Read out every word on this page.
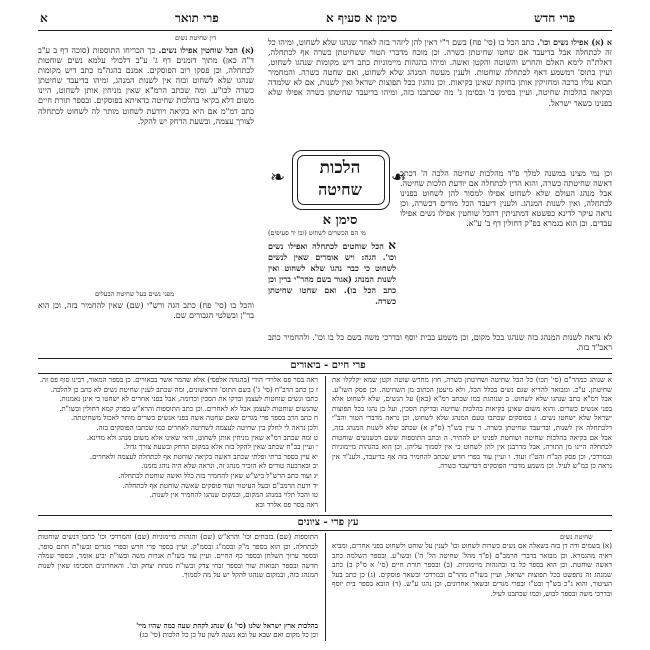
א	פרי תואר	סימן א סעיף א	פרי חדש
דין שחיטת נשים
(א) הכל שוחטין אפילו נשים. כך הכריחו התוספות (סוכה דף ב ע"ב ד"ה כאן) מתוך דזמנים דף ג' ע"ב דלכולי עלמא נשים שוחטות לכתחלה, וכן פסקו רוב הפוסקים. אמנם בהגה"מ כתב דיש מקומות שנהגו שלא לשחוט ובזה אין לשנות המנהג, ומיהו בדיעבד שחיטתן כשרה לכו"ע. ומה שכתב הרמ"א שאין מניחין אותן לשחוט, היינו משום דלא בקיאי בהלכות שחיטה כדאיתא בפוסקים. ובספר תורת חיים כתב דמ"מ אם היא בקיאה ויודעת לשחוט מותר לה לשחוט לכתחלה לצורך עצמה, ובשעת הדחק יש להקל.
מפני נשים בעל שחיטת הבעלים
והכל בו (סי' פח) כתב הגה ורש"י (שם) שאין להחמיר בזה, וכן הוא בר"ן ובשלטי הגבורים שם.
א (א) אפילו נשים וכו'. כתב הכל בו (סי' פח) בשם ר"י דאין להן ליזהר בזה לאחר שנהגו שלא לשחוט, ומיהו כל זה לכתחלה אבל בדיעבד אם שחטו שחיטתן כשרה. וכן מוכח מדברי הטור ששחיטתן כשרה אף לכתחלה, דאלת"ה לימא האלם והחרש והשוטה והקטן ואשה. ומיהו בהגהות מיימוניות כתב דיש מקומות שנהגו לשחוט, ועיין בתוס' דמשמע דאף לכתחלה שוחטות. ולענין מעשה המנהג שלא לשחוט, ואם שחטה כשרה. והמחמיר תבוא עליו ברכה ומחזיקין אותן בחזקת שאינן בקיאות. וכן נוהגין בכל תפוצות ישראל ואין לשנות, אם לא שלמדה ובקיאה בהלכות שחיטה, ועיין בסימן ב' ובסימן ג' מה שכתבנו בזה, ומיהו בדיעבד שחיטתן כשרה אפילו שלא בפנינו כשאר ישראל.
וכן נמי מצינו במשנה למלך פ"ד מהלכות שחיטה הלכה ה' דכתב דאשה שחיטתה כשרה, והוא הדין לכתחלה אם יודעת הלכות שחיטה. אבל מנהג העולם שלא לשחוט אפילו למסור להן לשחוט בפנינו לכתחלה, ואין לשנות המנהג. ולענין דיעבד הכל מודים דכשרה, וכן נראה עיקר לדינא כפשטא דמתניתין דהכל שוחטין אפילו נשים אפילו עבדים. וכן הוא בגמרא בפ"ק דחולין דף ב' ע"א.
❧	❧
הלכות
שחיטה
סימן א
מי הם הכשרים לשחוט (ובו יד סעיפים)
א הכל שוחטים לכתחלה ואפילו נשים וכו'. הגה: ויש אומרים שאין לנשים לשחוט כי כבר נהגו שלא לשחוט ואין לשנות המנהג (אגור בשם מהר"י ברין וכן כתב הכל בו). ואם שחטו שחיטתן כשרה.
לא נראה לשנות המנהג בזה שנהגו בכל מקום, וכן משמע בבית יוסף ובדרכי משה בשם כל בו וכו'. ולהחמיר כתב ראב"ד בזה.
פרי חיים - ביאורים
א שנוהג כמהר"ם (סי' תכו) כל הכל שחיטה ושחיטתן כשרה, חוץ מחרש שוטה וקטן שמא יקלקלו את שחיטתן. ע"כ. ומבואר להדיא שגם נשים בכלל הכל, ולא מיעטן הכתוב מן השחיטה. וכן פסק השו"ע. אבל רמ"א כתב שנהגו שלא לשחוט. ב שנוהגת כמו שכתב רמ"א (כאן) על הנשים, שלא לשחוט אלא בפני אנשים כשרים. והוא משום שאינן בקיאות בהלכות שחיטה ובדיקת הסכין, ועל כן נהגו בכל תפוצות ישראל שלא ישחטו נשים. ג בפוסקים שכתבו טעם המנהג שלא לשחוט, וכן נראה מדברי הטור והב"י דלכתחלה אין לשנות, ובדיעבד שחיטתן כשרה. ד עיין בש"ך (ס"ק א) שכתב שלא לשנות המנהג בזה, אבל אם בקיאה בהלכות שחיטה ושוחטת לפנינו יש להתיר. ה ובתב התוספות ששם דכשנשים שוחטות לכתחלה היינו מן התורה, אבל מדרבנן אין להן לשחוט כי אין לסמוך עליהן. וכן הוא בהגהות מיימוניות ובמרדכי, וכן פסק הב"ח והט"ז ועוד. ו ועיין עוד בפרי חדש שכתב להחמיר בזה אף בדיעבד, ולענ"ד אין נראה כן כמ"ש לעיל. וכן משמע מדברי הפוסקים דבדיעבד כשרה.
ראה בסר פס אלרדי הודי (בהגהה אלפסי) אלא שהמר אשר בבאורים. כן בספר המאור, רבינו סוף פס זה.
ז כן כתב הרב"ח (סי' ג') בשם התוס' והראשונים, ומה שכתב לענין שחיטת נשים לא כתב כן להלכה.
כתבו ונשים שוחטות לעצמן ובדקו את הסכין וכדומה, אבל בפני אחרים לא ישחטו כי אינן נאמנות.
שהנשים שוחטות לעצמן אבל לא לאחרים. וכן כתב התוספות והרא"ש בפרק קמא דחולין ובשו"ת.
ח כתב הרב בספר פרי מגדים שאם שחטה אשה בפני אנשים כשרים מותר לאכול משחיטתה.
ולכן נראה לי לחלק בין שחיטה לעצמה לשחיטה לאחרים כמו שכתבו הפוסקים בזה.
ט ומה שכתב רמ"א שאין מניחין אותן לשחוט, ודאי שאינו אלא משום מנהג ולא מדינא.
י ועיין בב"ח שכתב שאין להקל בזה אלא במקום הדחק ובשעת צורך גדול.
יא עיין בספר כרתי ופלתי שכתב דאשה בקיאה שוחטת אף לכתחלה לעצמה ולאחרים.
יב ובארבעה טורים לא הזכיר מנהג זה, ונראה שלא היה נוהג בזמנו.
יג ועוד כתב הרש"ל ביש"ש שאין להחמיר בזה כלל ואשה שוחטת לכתחלה.
יד ודעת הרמב"ם ובעל העיטור ועוד פוסקים שאשה שוחטת אף לכתחלה.
טו והכל תלוי במנהג המקום, ובמקום שנהגו להחמיר אין לשנות.
ראה בסר פס אלרד ובא
עץ פרי - ציונים
שחיטת נשים
(א) בשמים ודה דן בזה בשאלה אם נשים כשרות לשחוט וכו' לענין על שוחט ולשחוט בפני אחרים, ומביא ראיה מהגמרא. וכן מבואר בדברי הרמב"ם (פ"ד מהל' שחיטה הל' ה') ובשו"ע. ובספר השלמה כתב דאשה שוחטת. וכן הוא בספר כל בו ובהגהות מיימוניות. (ב) ובספר תורת חיים (סי' א ס"ק ב) כתב שמנהג זה נתפשט בכל תפוצות ישראל, ועיין בשו"ת מהר"ם ובמרדכי ובשאר פוסקים. (ג) כן כתב בעל העיטור, והוא ג"כ בש"ך ובט"ז ובפרי מגדים ובשאר אחרונים, וכן נהגו ע"ש. (ד) הובא בספר בית יוסף ובדרכי משה ובספר לבוש, וכמו שכתבנו לעיל.
התוספות (שם) בזבחים וכו' והרא"ש (שם) והגהות מיימוניות (שם) והמרדכי וכו' כתבו דנשים שוחטות לכתחלה. וכן הוא בספר מ"ק ובסמ"ג ובסמ"ק. ועיין בספר פרי חדש ובפרי מגדים ובשו"ת חתם סופר, ובספר ערוך השלחן ובספר כף החיים. ועיין עוד בשו"ת אגרות משה ובשו"ת יביע אומר, ובספר שמלה חדשה ובספר תבואות שור ובספר זבחי צדק ובשו"ת מנחת יצחק וכו'. והאחרונים הסכימו שאין לשנות המנהג בזה, ובמקום שנהגו להקל יש על מה לסמוך.
בהלכות ארץ ישראל שלנו (סי' ג) שנהג לקחת שעה כמה שהיו מיי'
וכן כל מקום ואם שבא על ובא נשנה לשון על כן כל הלכות (סי' כג)
